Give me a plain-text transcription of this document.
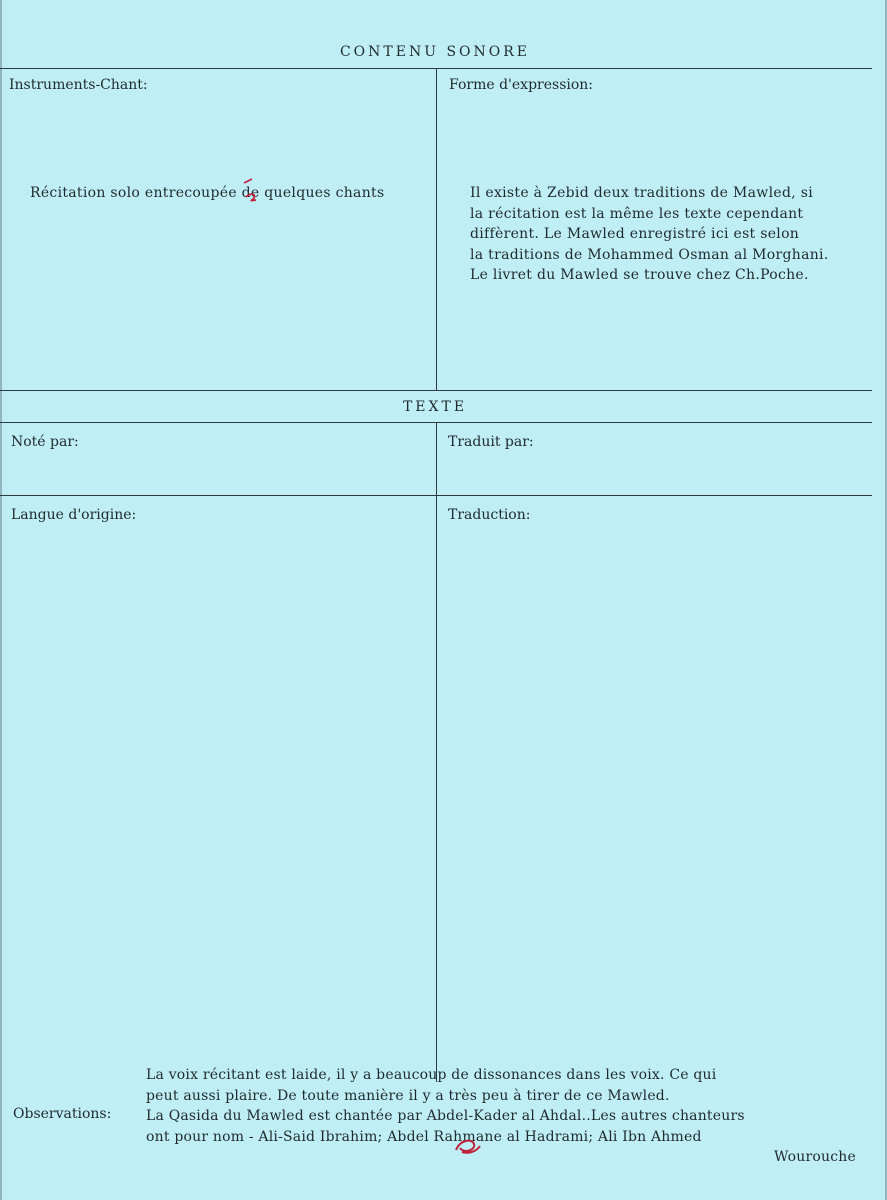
CONTENU SONORE
Instruments-Chant:
Récitation solo entrecoupée de quelques chants
Forme d'expression:
Il existe à Zebid deux traditions de Mawled, si
la récitation est la même les texte cependant
diffèrent. Le Mawled enregistré ici est selon
la traditions de Mohammed Osman al Morghani.
Le livret du Mawled se trouve chez Ch.Poche.
TEXTE
Noté par:	Traduit par:
Langue d'origine:	Traduction:
Observations:
La voix récitant est laide, il y a beaucoup de dissonances dans les voix. Ce qui
peut aussi plaire. De toute manière il y a très peu à tirer de ce Mawled.
La Qasida du Mawled est chantée par Abdel-Kader al Ahdal..Les autres chanteurs
ont pour nom - Ali-Said Ibrahim; Abdel Rahmane al Hadrami; Ali Ibn Ahmed
Wourouche
